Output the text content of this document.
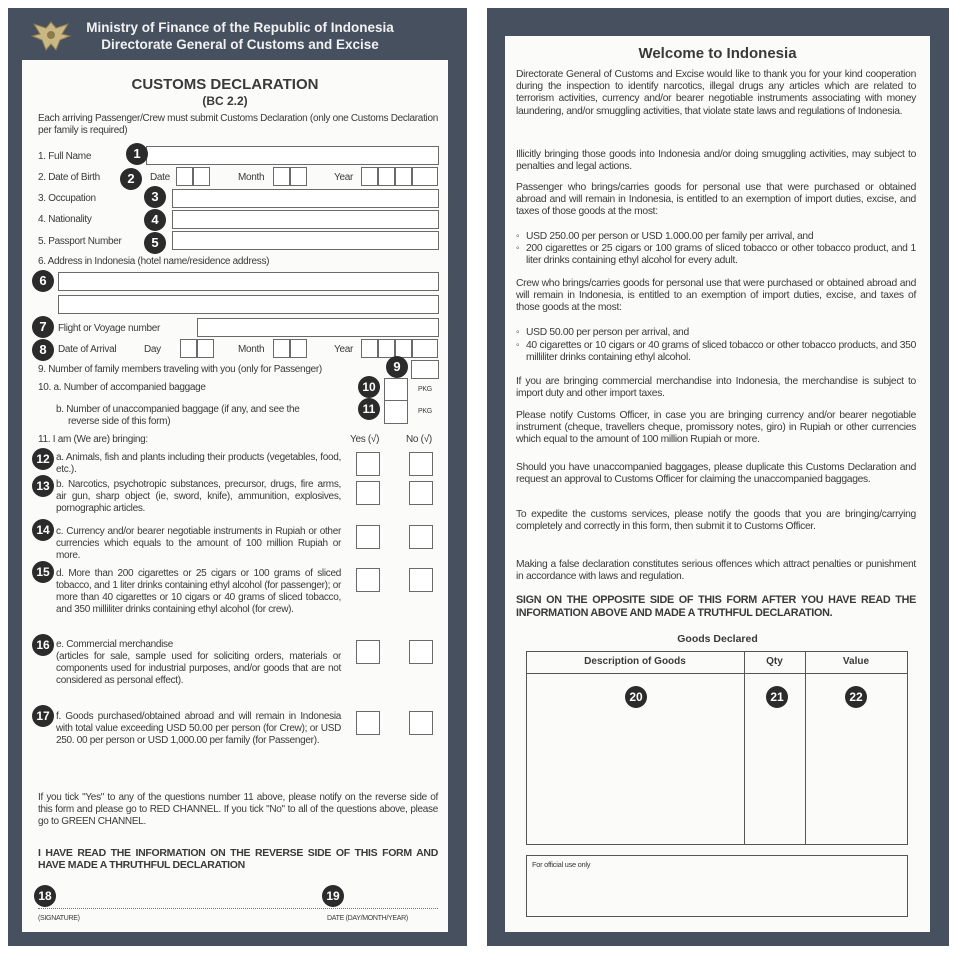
Ministry of Finance of the Republic of Indonesia
Directorate General of Customs and Excise
CUSTOMS DECLARATION
(BC 2.2)
Each arriving Passenger/Crew must submit Customs Declaration (only one Customs Declaration per family is required)
1. Full Name
2. Date of Birth	Date	Month	Year
3. Occupation
4. Nationality
5. Passport Number
6. Address in Indonesia (hotel name/residence address)
Flight or Voyage number
Date of Arrival	Day	Month	Year
9. Number of family members traveling with you (only for Passenger)
10. a. Number of accompanied baggage	PKG
b. Number of unaccompanied baggage (if any, and see the
reverse side of this form)
PKG
11. I am (We are) bringing:	Yes (√)	No (√)
a. Animals, fish and plants including their products (vegetables, food, etc.).
b. Narcotics, psychotropic substances, precursor, drugs, fire arms, air gun, sharp object (ie, sword, knife), ammunition, explosives, pornographic articles.
c. Currency and/or bearer negotiable instruments in Rupiah or other currencies which equals to the amount of 100 million Rupiah or more.
d. More than 200 cigarettes or 25 cigars or 100 grams of sliced tobacco, and 1 liter drinks containing ethyl alcohol (for passenger); or more than 40 cigarettes or 10 cigars or 40 grams of sliced tobacco, and 350 milliliter drinks containing ethyl alcohol (for crew).
e. Commercial merchandise
(articles for sale, sample used for soliciting orders, materials or components used for industrial purposes, and/or goods that are not considered as personal effect).
f. Goods purchased/obtained abroad and will remain in Indonesia with total value exceeding USD 50.00 per person (for Crew); or USD 250. 00 per person or USD 1,000.00 per family (for Passenger).
If you tick "Yes" to any of the questions number 11 above, please notify on the reverse side of this form and please go to RED CHANNEL. If you tick "No" to all of the questions above, please go to GREEN CHANNEL.
I HAVE READ THE INFORMATION ON THE REVERSE SIDE OF THIS FORM AND HAVE MADE A THRUTHFUL DECLARATION
(SIGNATURE)	DATE (DAY/MONTH/YEAR)
1
2
3
4
5
6
7
8
9
10
11
12
13
14
15
16
17
18	19
Welcome to Indonesia
Directorate General of Customs and Excise would like to thank you for your kind cooperation during the inspection to identify narcotics, illegal drugs any articles which are related to terrorism activities, currency and/or bearer negotiable instruments associating with money laundering, and/or smuggling activities, that violate state laws and regulations of Indonesia.
Illicitly bringing those goods into Indonesia and/or doing smuggling activities, may subject to penalties and legal actions.
Passenger who brings/carries goods for personal use that were purchased or obtained abroad and will remain in Indonesia, is entitled to an exemption of import duties, excise, and taxes of those goods at the most:
◦ USD 250.00 per person or USD 1.000.00 per family per arrival, and
◦ 200 cigarettes or 25 cigars or 100 grams of sliced tobacco or other tobacco product, and 1 liter drinks containing ethyl alcohol for every adult.
Crew who brings/carries goods for personal use that were purchased or obtained abroad and will remain in Indonesia, is entitled to an exemption of import duties, excise, and taxes of those goods at the most:
◦ USD 50.00 per person per arrival, and
◦ 40 cigarettes or 10 cigars or 40 grams of sliced tobacco or other tobacco products, and 350 milliliter drinks containing ethyl alcohol.
If you are bringing commercial merchandise into Indonesia, the merchandise is subject to import duty and other import taxes.
Please notify Customs Officer, in case you are bringing currency and/or bearer negotiable instrument (cheque, travellers cheque, promissory notes, giro) in Rupiah or other currencies which equal to the amount of 100 million Rupiah or more.
Should you have unaccompanied baggages, please duplicate this Customs Declaration and request an approval to Customs Officer for claiming the unaccompanied baggages.
To expedite the customs services, please notify the goods that you are bringing/carrying completely and correctly in this form, then submit it to Customs Officer.
Making a false declaration constitutes serious offences which attract penalties or punishment in accordance with laws and regulation.
SIGN ON THE OPPOSITE SIDE OF THIS FORM AFTER YOU HAVE READ THE INFORMATION ABOVE AND MADE A TRUTHFUL DECLARATION.
Goods Declared
Description of Goods	Qty	Value
20	21	22
For official use only
